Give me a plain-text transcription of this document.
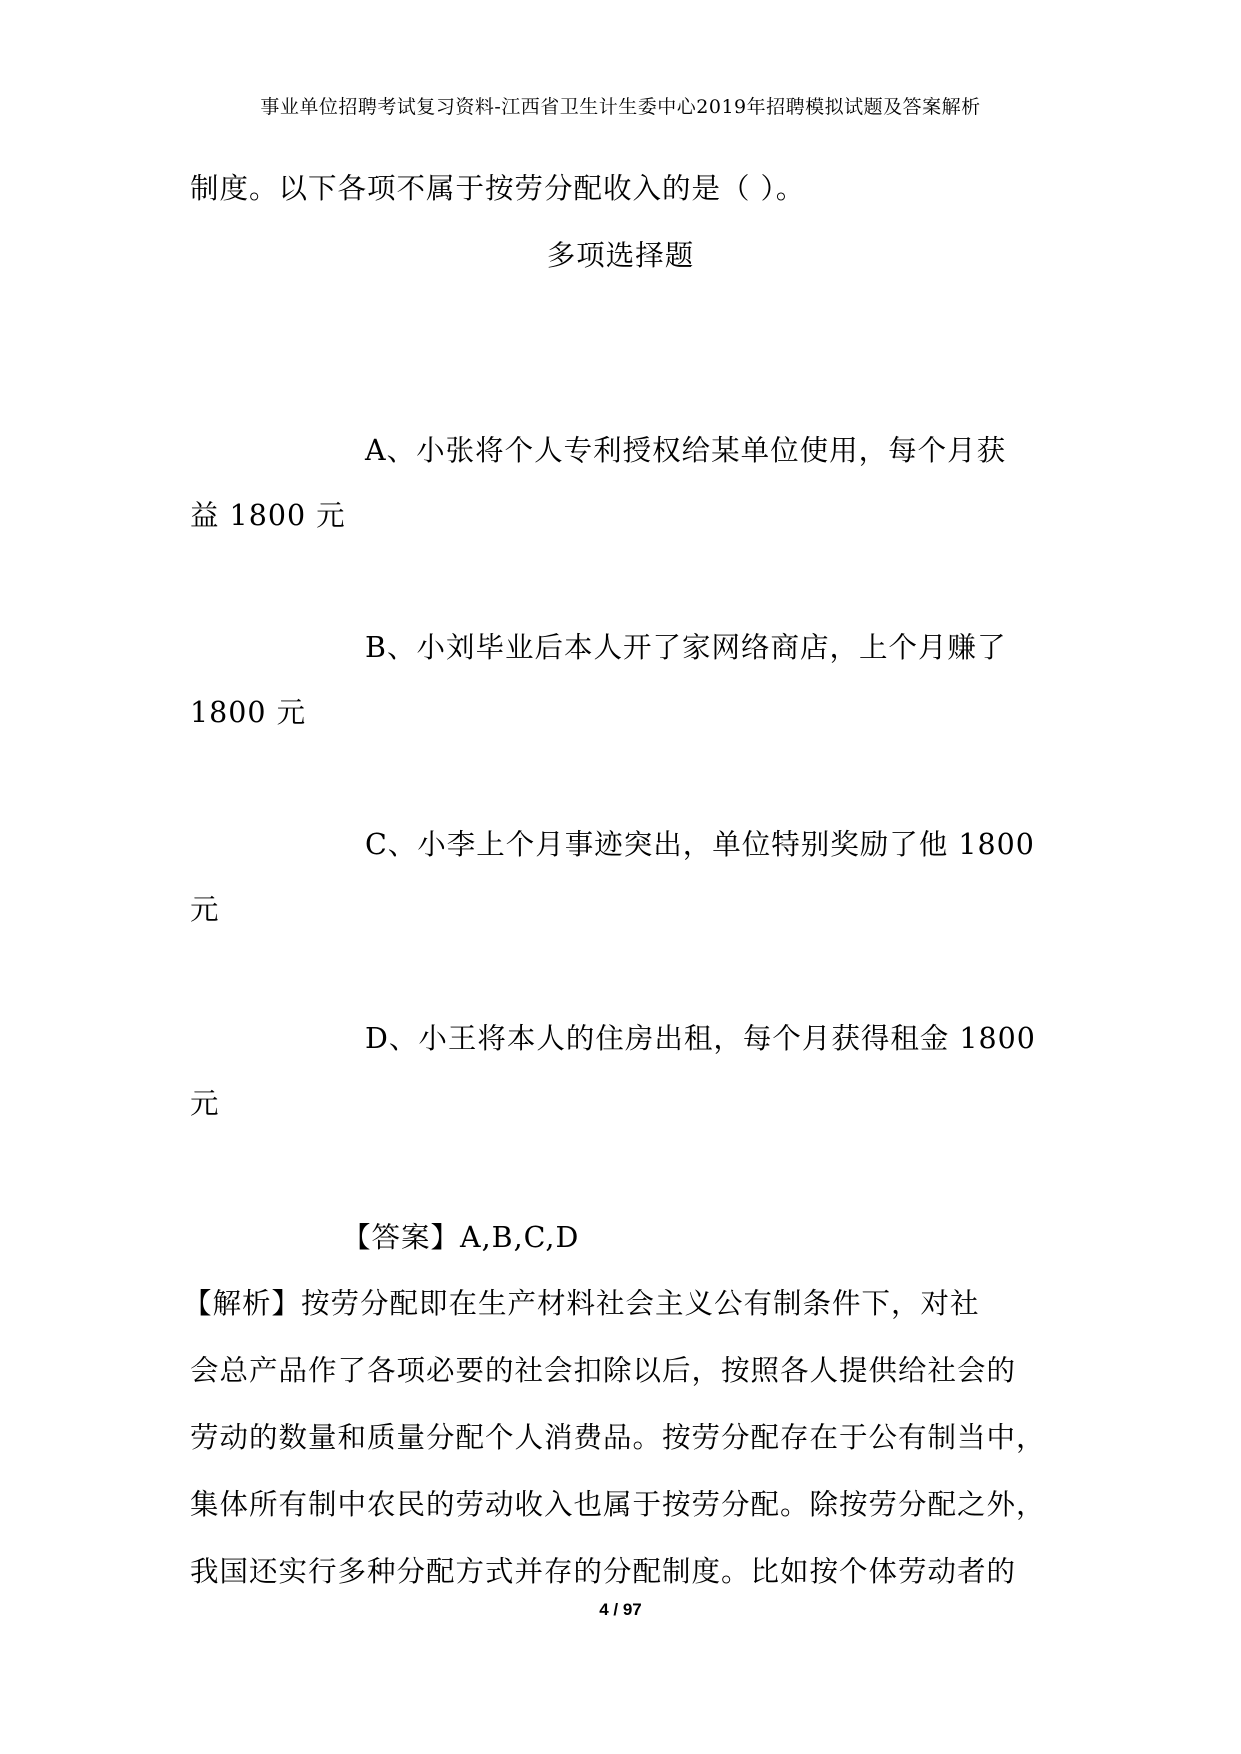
事业单位招聘考试复习资料-江西省卫生计生委中心2019年招聘模拟试题及答案解析

制度。以下各项不属于按劳分配收入的是（ ）。

多项选择题

A、小张将个人专利授权给某单位使用，每个月获

益 1800 元

B、小刘毕业后本人开了家网络商店，上个月赚了

1800 元

C、小李上个月事迹突出，单位特别奖励了他 1800

元

D、小王将本人的住房出租，每个月获得租金 1800

元

【答案】A,B,C,D

【解析】按劳分配即在生产材料社会主义公有制条件下，对社

会总产品作了各项必要的社会扣除以后，按照各人提供给社会的

劳动的数量和质量分配个人消费品。按劳分配存在于公有制当中，

集体所有制中农民的劳动收入也属于按劳分配。除按劳分配之外，

我国还实行多种分配方式并存的分配制度。比如按个体劳动者的

4 / 97
